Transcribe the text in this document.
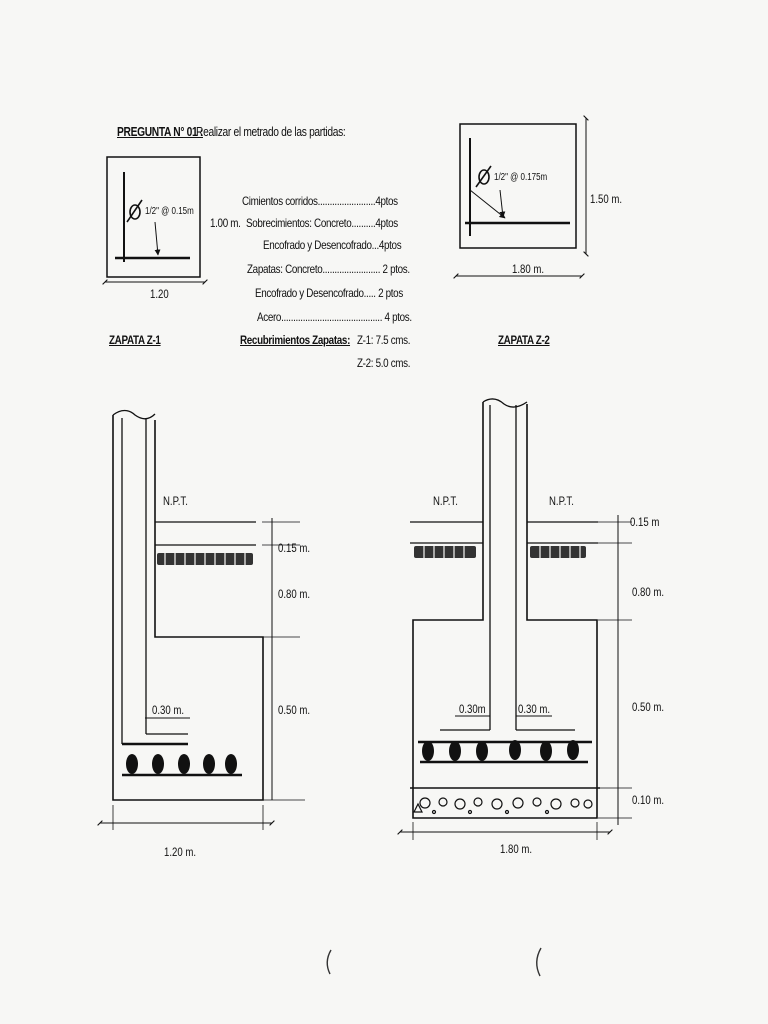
PREGUNTA N° 01 :
Realizar el metrado de las partidas:
Cimientos corridos........................4ptos
1.00 m. Sobrecimientos: Concreto..........4ptos
Encofrado y Desencofrado...4ptos
Zapatas: Concreto........................ 2 ptos.
Encofrado y Desencofrado..... 2 ptos
Acero.......................................... 4 ptos.
Recubrimientos Zapatas: Z-1: 7.5 cms.
Z-2: 5.0 cms.
1/2" @ 0.15m
1.20
ZAPATA Z-1
1/2" @ 0.175m
1.50 m.
1.80 m.
ZAPATA Z-2
N.P.T.
0.15 m.
0.80 m.
0.50 m.
0.30 m.
1.20 m.
N.P.T.	N.P.T.
0.15 m
0.80 m.
0.50 m.
0.10 m.
0.30m	0.30 m.
1.80 m.
